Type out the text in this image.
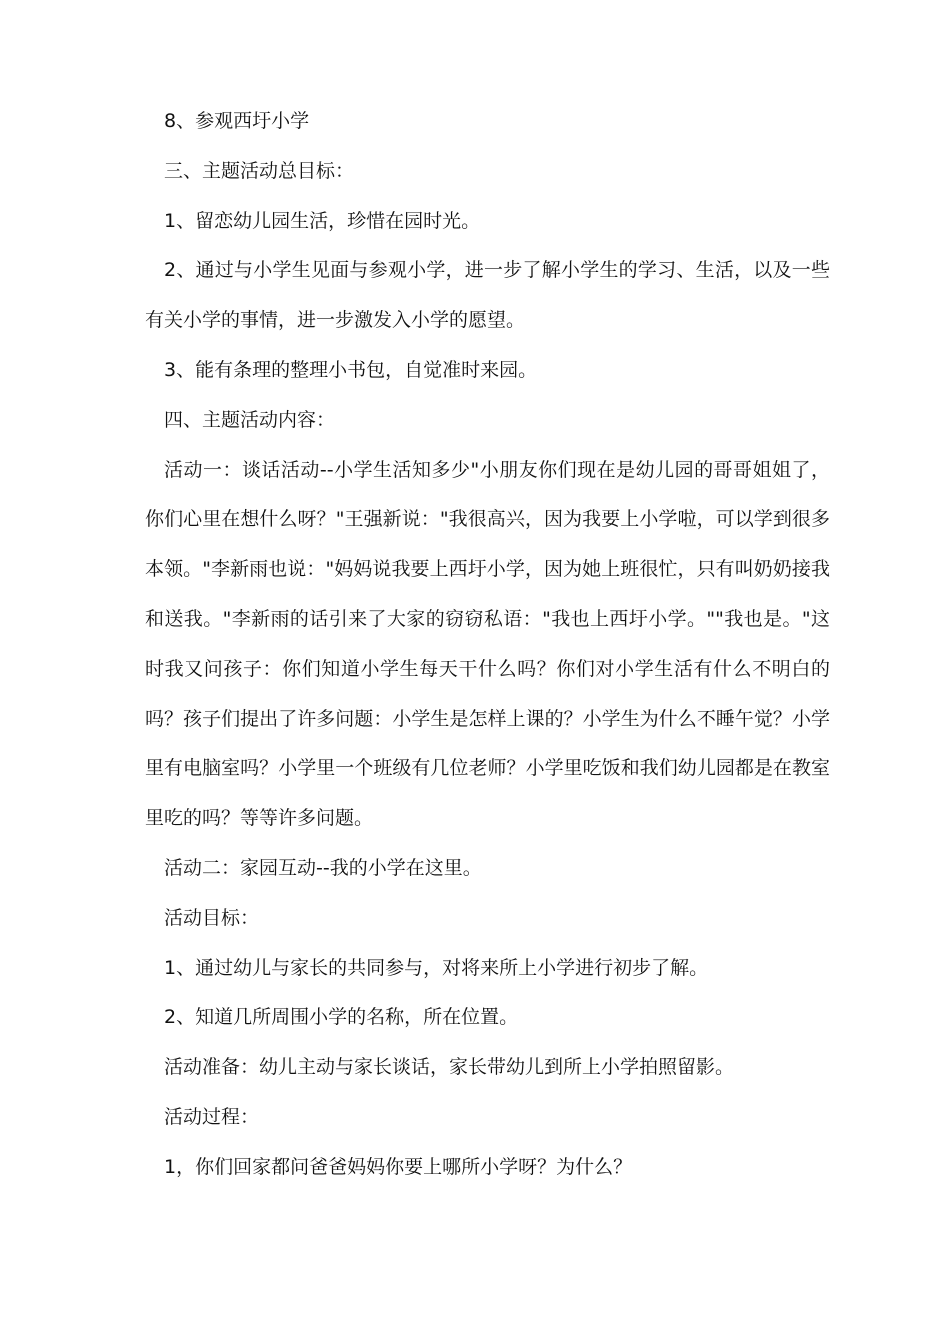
8、参观西圩小学

三、主题活动总目标：

1、留恋幼儿园生活，珍惜在园时光。

2、通过与小学生见面与参观小学，进一步了解小学生的学习、生活，以及一些有关小学的事情，进一步激发入小学的愿望。

3、能有条理的整理小书包，自觉准时来园。

四、主题活动内容：

活动一：谈话活动--小学生活知多少"小朋友你们现在是幼儿园的哥哥姐姐了，你们心里在想什么呀？"王强新说："我很高兴，因为我要上小学啦，可以学到很多本领。"李新雨也说："妈妈说我要上西圩小学，因为她上班很忙，只有叫奶奶接我和送我。"李新雨的话引来了大家的窃窃私语："我也上西圩小学。""我也是。"这时我又问孩子：你们知道小学生每天干什么吗？你们对小学生活有什么不明白的吗？孩子们提出了许多问题：小学生是怎样上课的？小学生为什么不睡午觉？小学里有电脑室吗？小学里一个班级有几位老师？小学里吃饭和我们幼儿园都是在教室里吃的吗？等等许多问题。

活动二：家园互动--我的小学在这里。

活动目标：

1、通过幼儿与家长的共同参与，对将来所上小学进行初步了解。

2、知道几所周围小学的名称，所在位置。

活动准备：幼儿主动与家长谈话，家长带幼儿到所上小学拍照留影。

活动过程：

1，你们回家都问爸爸妈妈你要上哪所小学呀？为什么？
